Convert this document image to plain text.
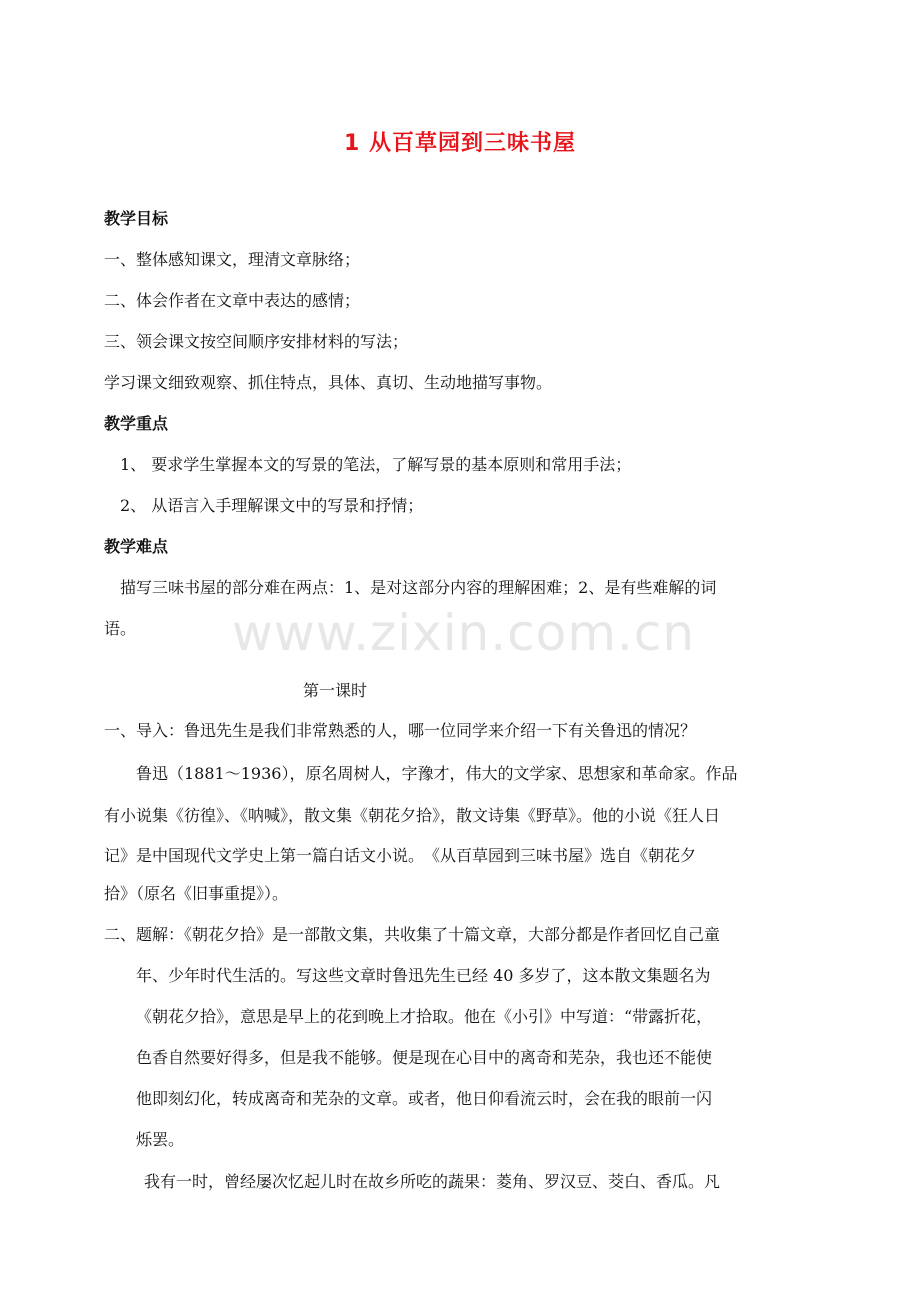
www.zixin.com.cn
1 从百草园到三味书屋
教学目标
一、整体感知课文，理清文章脉络；
二、体会作者在文章中表达的感情；
三、领会课文按空间顺序安排材料的写法；
学习课文细致观察、抓住特点，具体、真切、生动地描写事物。
教学重点
1、 要求学生掌握本文的写景的笔法，了解写景的基本原则和常用手法；
2、 从语言入手理解课文中的写景和抒情；
教学难点
描写三味书屋的部分难在两点：1、是对这部分内容的理解困难；2、是有些难解的词
语。
第一课时
一、导入：鲁迅先生是我们非常熟悉的人，哪一位同学来介绍一下有关鲁迅的情况？
鲁迅（1881～1936），原名周树人，字豫才，伟大的文学家、思想家和革命家。作品
有小说集《彷徨》、《呐喊》，散文集《朝花夕拾》，散文诗集《野草》。他的小说《狂人日
记》是中国现代文学史上第一篇白话文小说。　《从百草园到三味书屋》选自《朝花夕
拾》（原名《旧事重提》）。
二、题解：《朝花夕拾》是一部散文集，共收集了十篇文章，大部分都是作者回忆自己童
年、少年时代生活的。写这些文章时鲁迅先生已经 40 多岁了，这本散文集题名为
《朝花夕拾》，意思是早上的花到晚上才拾取。他在《小引》中写道：“带露折花，
色香自然要好得多，但是我不能够。便是现在心目中的离奇和芜杂，我也还不能使
他即刻幻化，转成离奇和芜杂的文章。或者，他日仰看流云时，会在我的眼前一闪
烁罢。
我有一时，曾经屡次忆起儿时在故乡所吃的蔬果：菱角、罗汉豆、茭白、香瓜。凡
